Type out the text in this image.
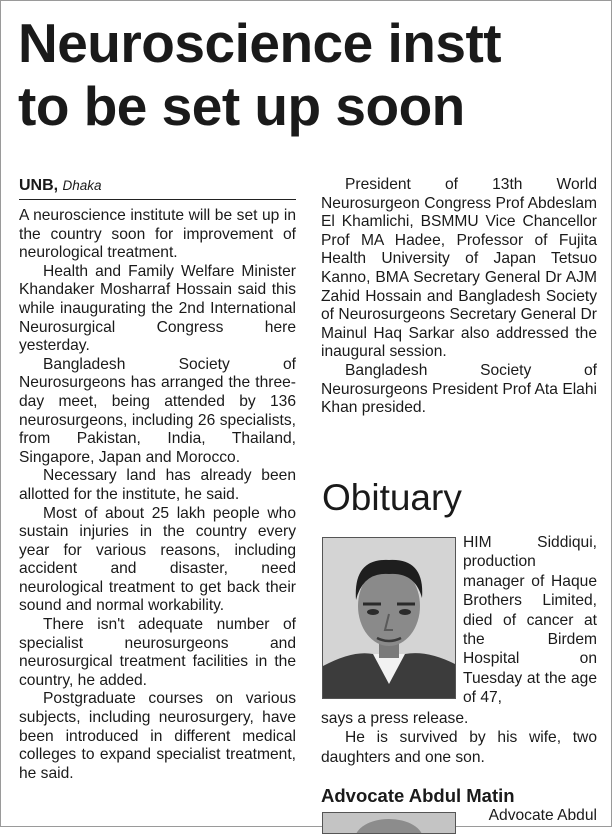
Neuroscience instt
to be set up soon
UNB, Dhaka

A neuroscience institute will be set up in the country soon for improvement of neurological treatment.

Health and Family Welfare Minister Khandaker Mosharraf Hossain said this while inaugurating the 2nd International Neurosurgical Congress here yesterday.

Bangladesh Society of Neurosurgeons has arranged the three-day meet, being attended by 136 neurosurgeons, including 26 specialists, from Pakistan, India, Thailand, Singapore, Japan and Morocco.

Necessary land has already been allotted for the institute, he said.

Most of about 25 lakh people who sustain injuries in the country every year for various reasons, including accident and disaster, need neurological treatment to get back their sound and normal workability.

There isn't adequate number of specialist neurosurgeons and neurosurgical treatment facilities in the country, he added.

Postgraduate courses on various subjects, including neurosurgery, have been introduced in different medical colleges to expand specialist treatment, he said.

President of 13th World Neurosurgeon Congress Prof Abdeslam El Khamlichi, BSMMU Vice Chancellor Prof MA Hadee, Professor of Fujita Health University of Japan Tetsuo Kanno, BMA Secretary General Dr AJM Zahid Hossain and Bangladesh Society of Neurosurgeons Secretary General Dr Mainul Haq Sarkar also addressed the inaugural session.

Bangladesh Society of Neurosurgeons President Prof Ata Elahi Khan presided.

Obituary

HIM Siddiqui, production manager of Haque Brothers Limited, died of cancer at the Birdem Hospital on Tuesday at the age of 47,

says a press release.

He is survived by his wife, two daughters and one son.

Advocate Abdul Matin
Advocate Abdul
